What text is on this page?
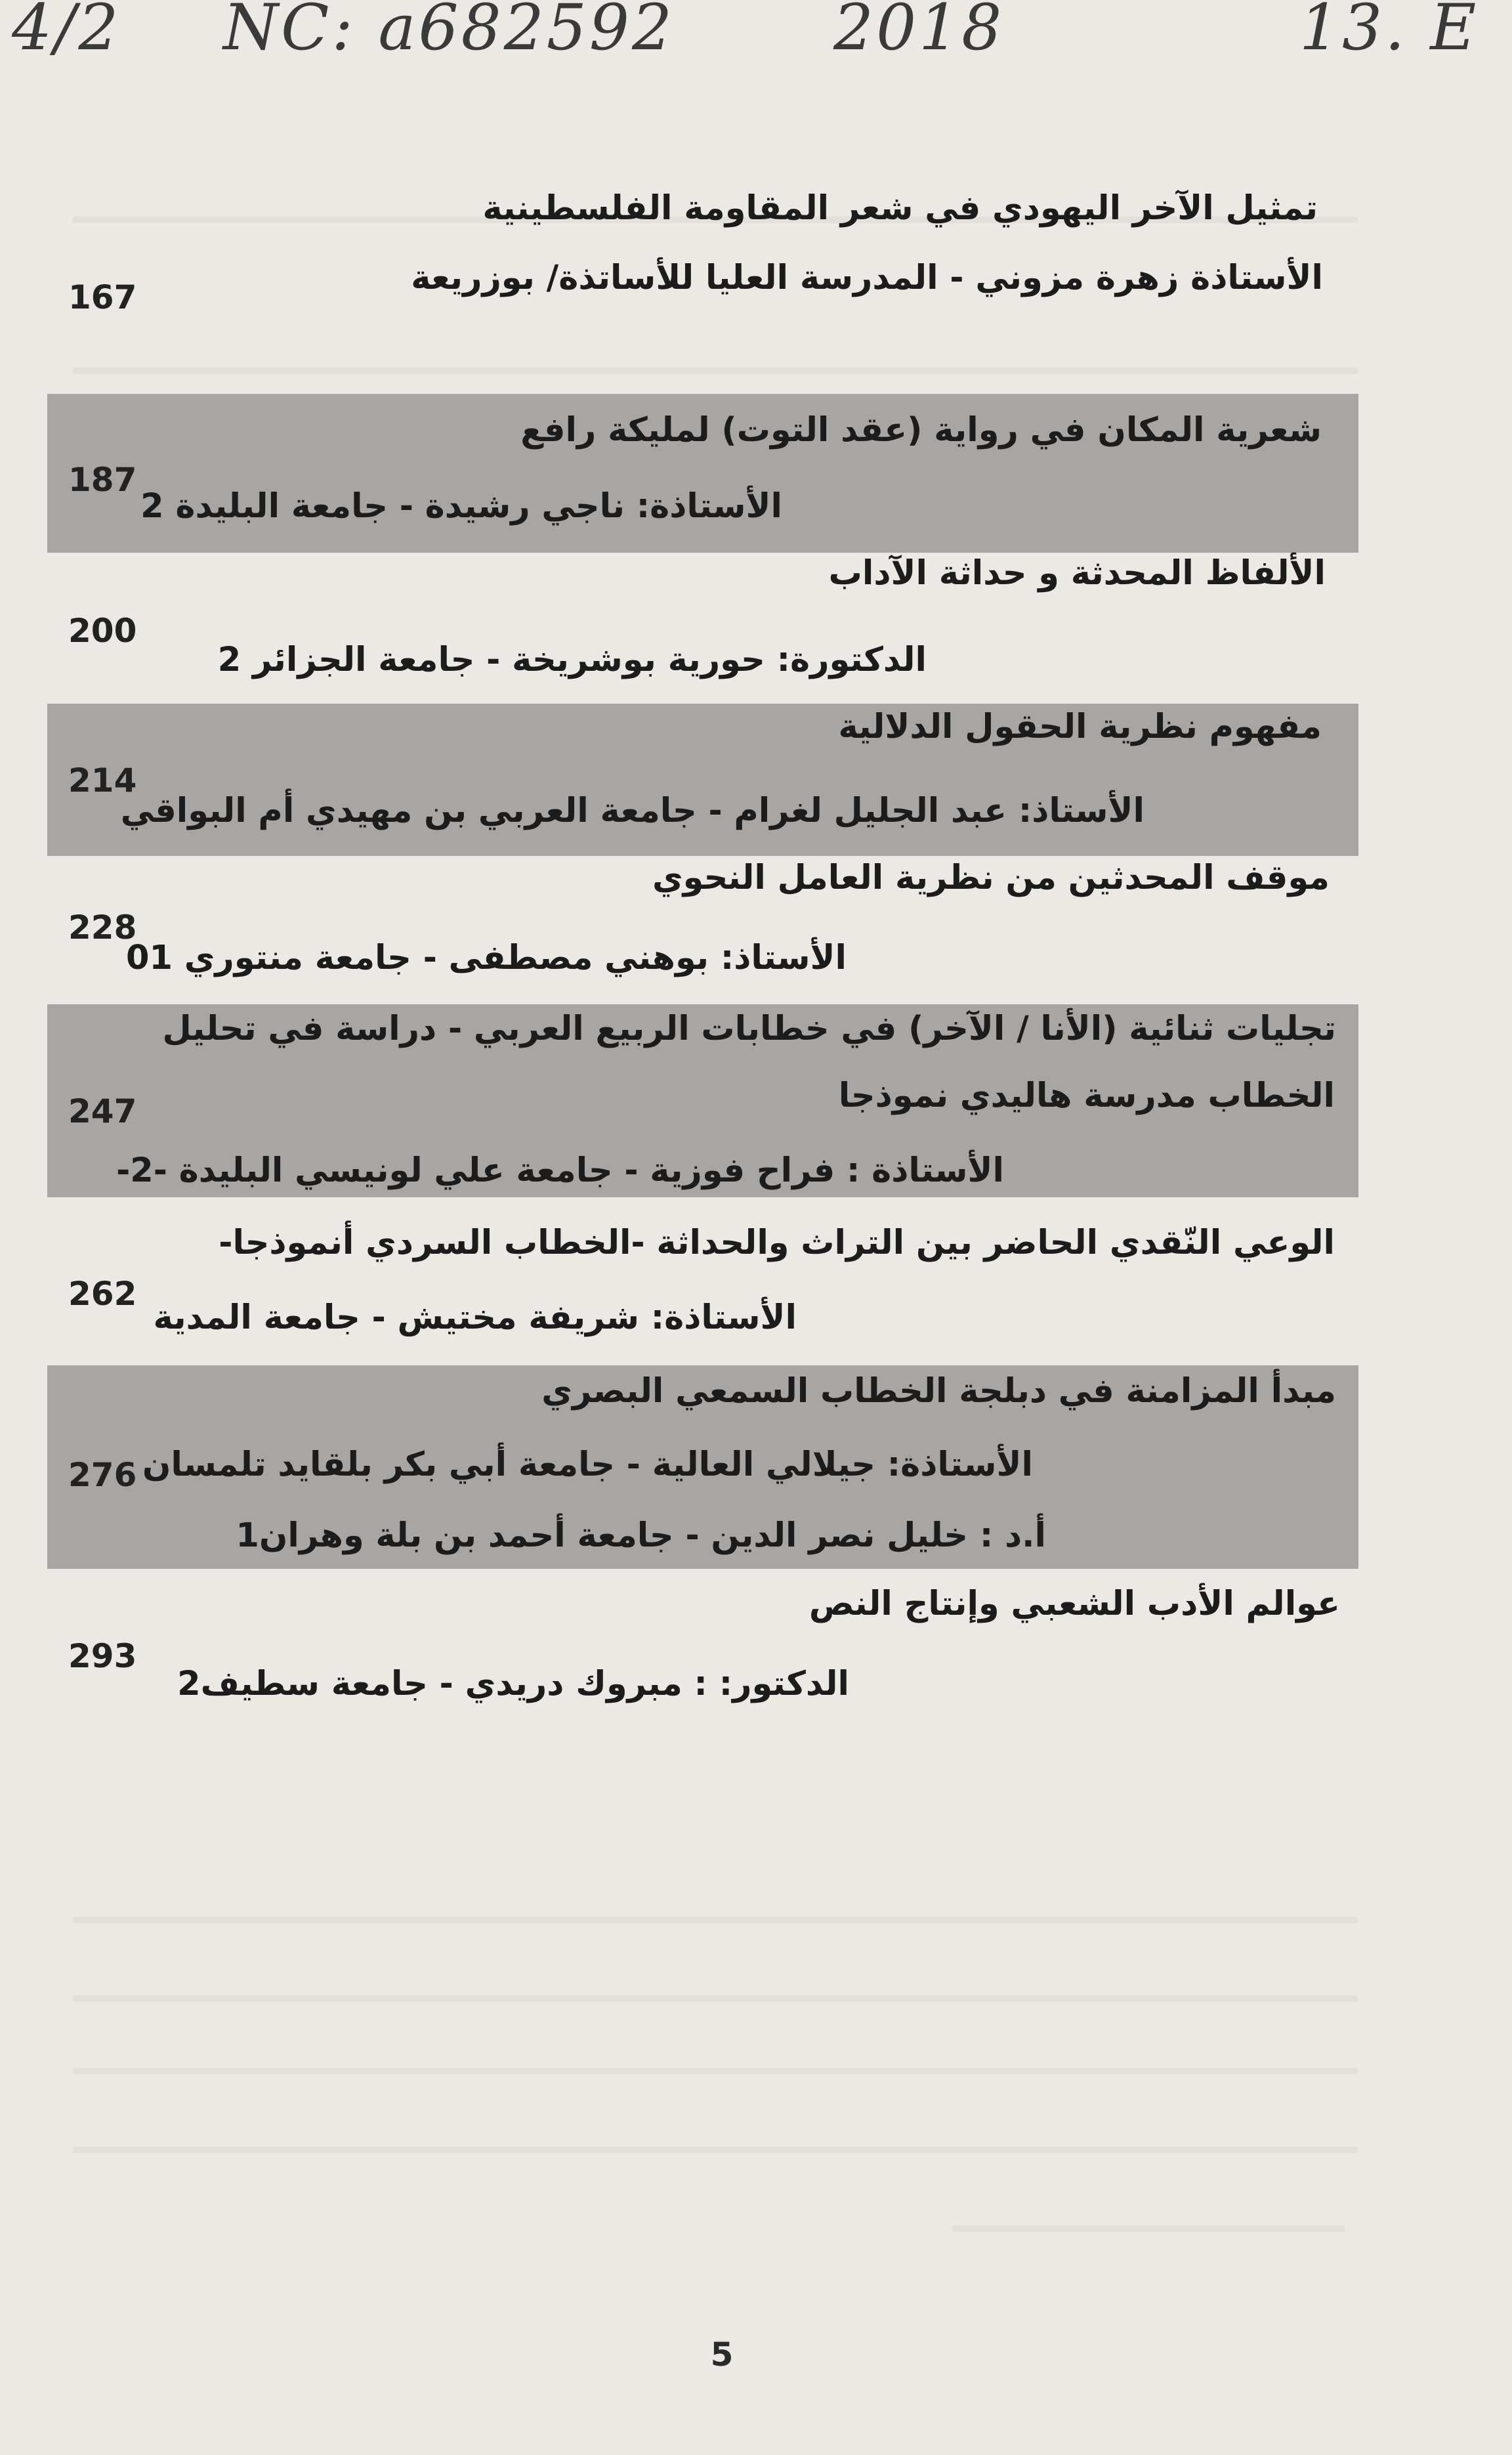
4/2 NC: a682592	2018	13. E
تمثيل الآخر اليهودي في شعر المقاومة الفلسطينية
الأستاذة زهرة مزوني - المدرسة العليا للأساتذة/ بوزريعة
167
شعرية المكان في رواية (عقد التوت) لمليكة رافع
الأستاذة: ناجي رشيدة - جامعة البليدة 2
187
الألفاظ المحدثة و حداثة الآداب
الدكتورة: حورية بوشريخة - جامعة الجزائر 2
200
مفهوم نظرية الحقول الدلالية
الأستاذ: عبد الجليل لغرام - جامعة العربي بن مهيدي أم البواقي
214
موقف المحدثين من نظرية العامل النحوي
الأستاذ: بوهني مصطفى - جامعة منتوري 01
228
تجليات ثنائية (الأنا / الآخر) في خطابات الربيع العربي - دراسة في تحليل
الخطاب مدرسة هاليدي نموذجا
الأستاذة : فراح فوزية - جامعة علي لونيسي البليدة -2-
247
الوعي النّقدي الحاضر بين التراث والحداثة -الخطاب السردي أنموذجا-
الأستاذة: شريفة مختيش - جامعة المدية
262
مبدأ المزامنة في دبلجة الخطاب السمعي البصري
الأستاذة: جيلالي العالية - جامعة أبي بكر بلقايد تلمسان
أ.د : خليل نصر الدين - جامعة أحمد بن بلة وهران1
276
عوالم الأدب الشعبي وإنتاج النص
الدكتور: : مبروك دريدي - جامعة سطيف2
293
5
